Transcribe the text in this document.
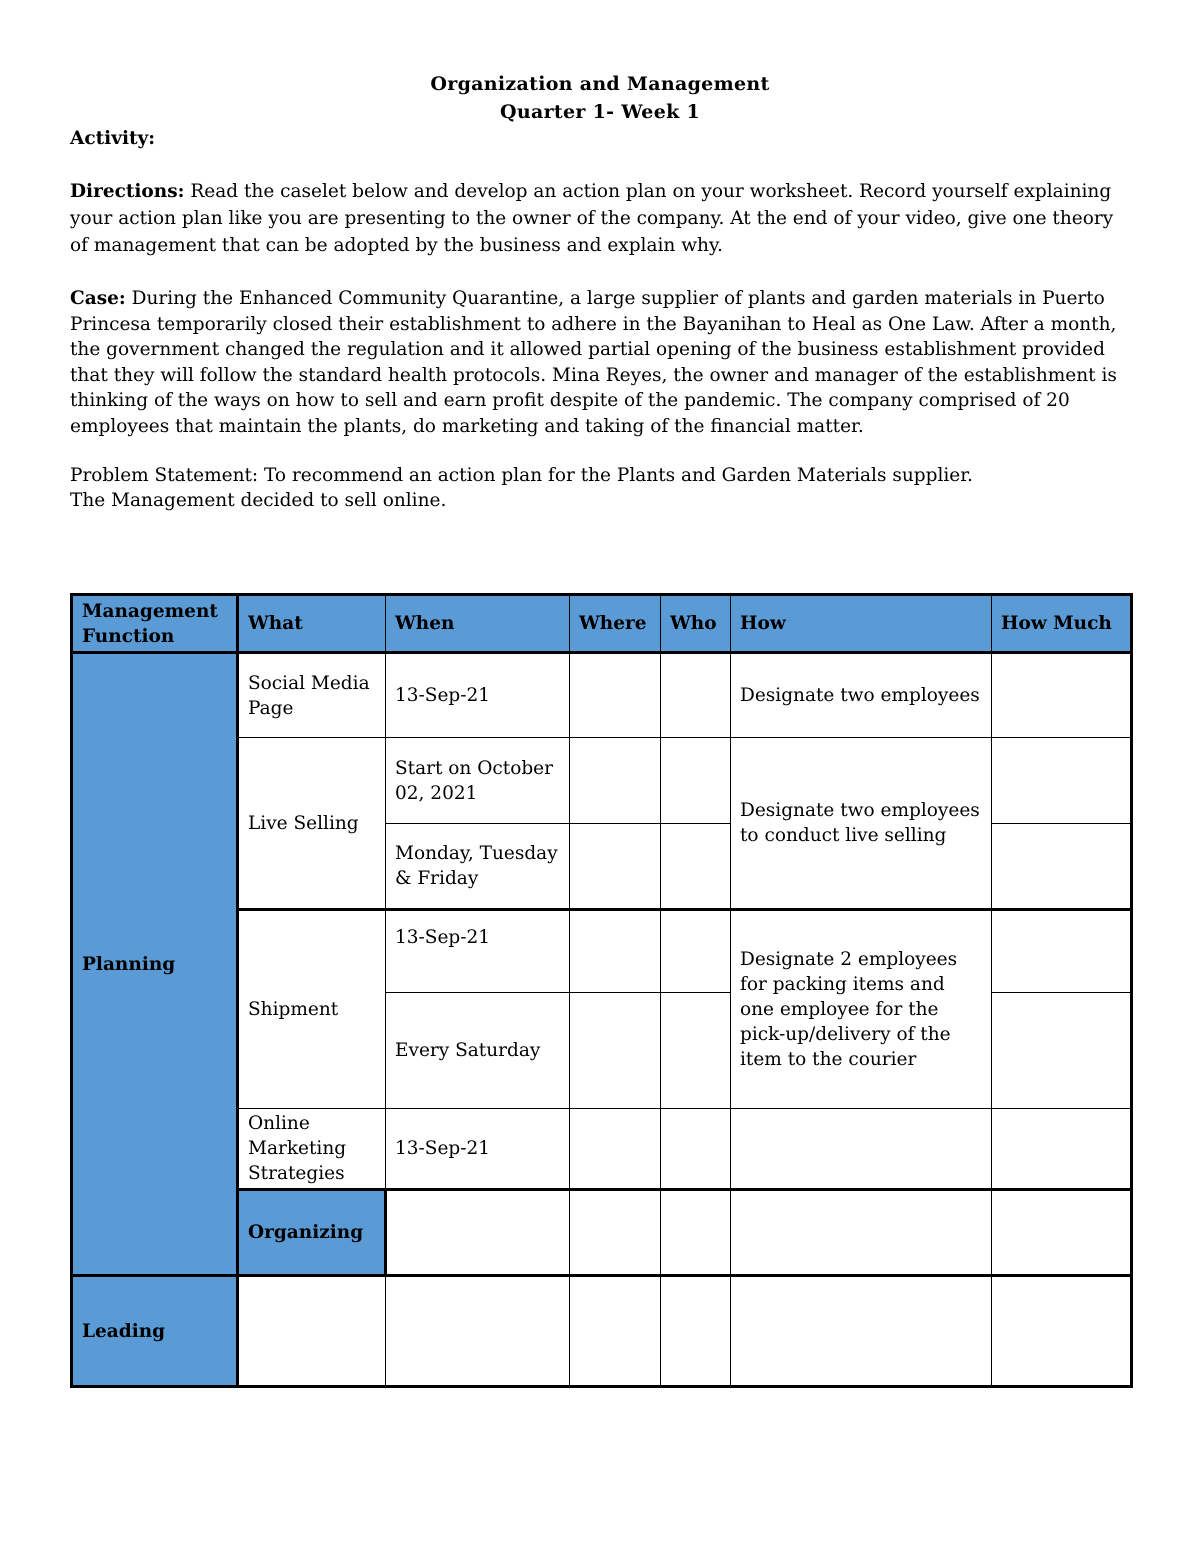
Organization and Management
Quarter 1- Week 1
Activity:

Directions: Read the caselet below and develop an action plan on your worksheet. Record yourself explaining your action plan like you are presenting to the owner of the company. At the end of your video, give one theory of management that can be adopted by the business and explain why.

Case: During the Enhanced Community Quarantine, a large supplier of plants and garden materials in Puerto Princesa temporarily closed their establishment to adhere in the Bayanihan to Heal as One Law. After a month, the government changed the regulation and it allowed partial opening of the business establishment provided that they will follow the standard health protocols. Mina Reyes, the owner and manager of the establishment is thinking of the ways on how to sell and earn profit despite of the pandemic. The company comprised of 20 employees that maintain the plants, do marketing and taking of the financial matter.

Problem Statement: To recommend an action plan for the Plants and Garden Materials supplier.
The Management decided to sell online.

Management Function	What	When	Where	Who	How	How Much	
Planning	Social Media Page	13-Sep-21			Designate two employees		
	Live Selling	Start on October 02, 2021			Designate two employees to conduct live selling		
		Monday, Tuesday & Friday					
	Shipment	13-Sep-21			Designate 2 employees for packing items and one employee for the pick-up/delivery of the item to the courier		
		Every Saturday					
	Online Marketing Strategies	13-Sep-21					
	Organizing						
Leading							
